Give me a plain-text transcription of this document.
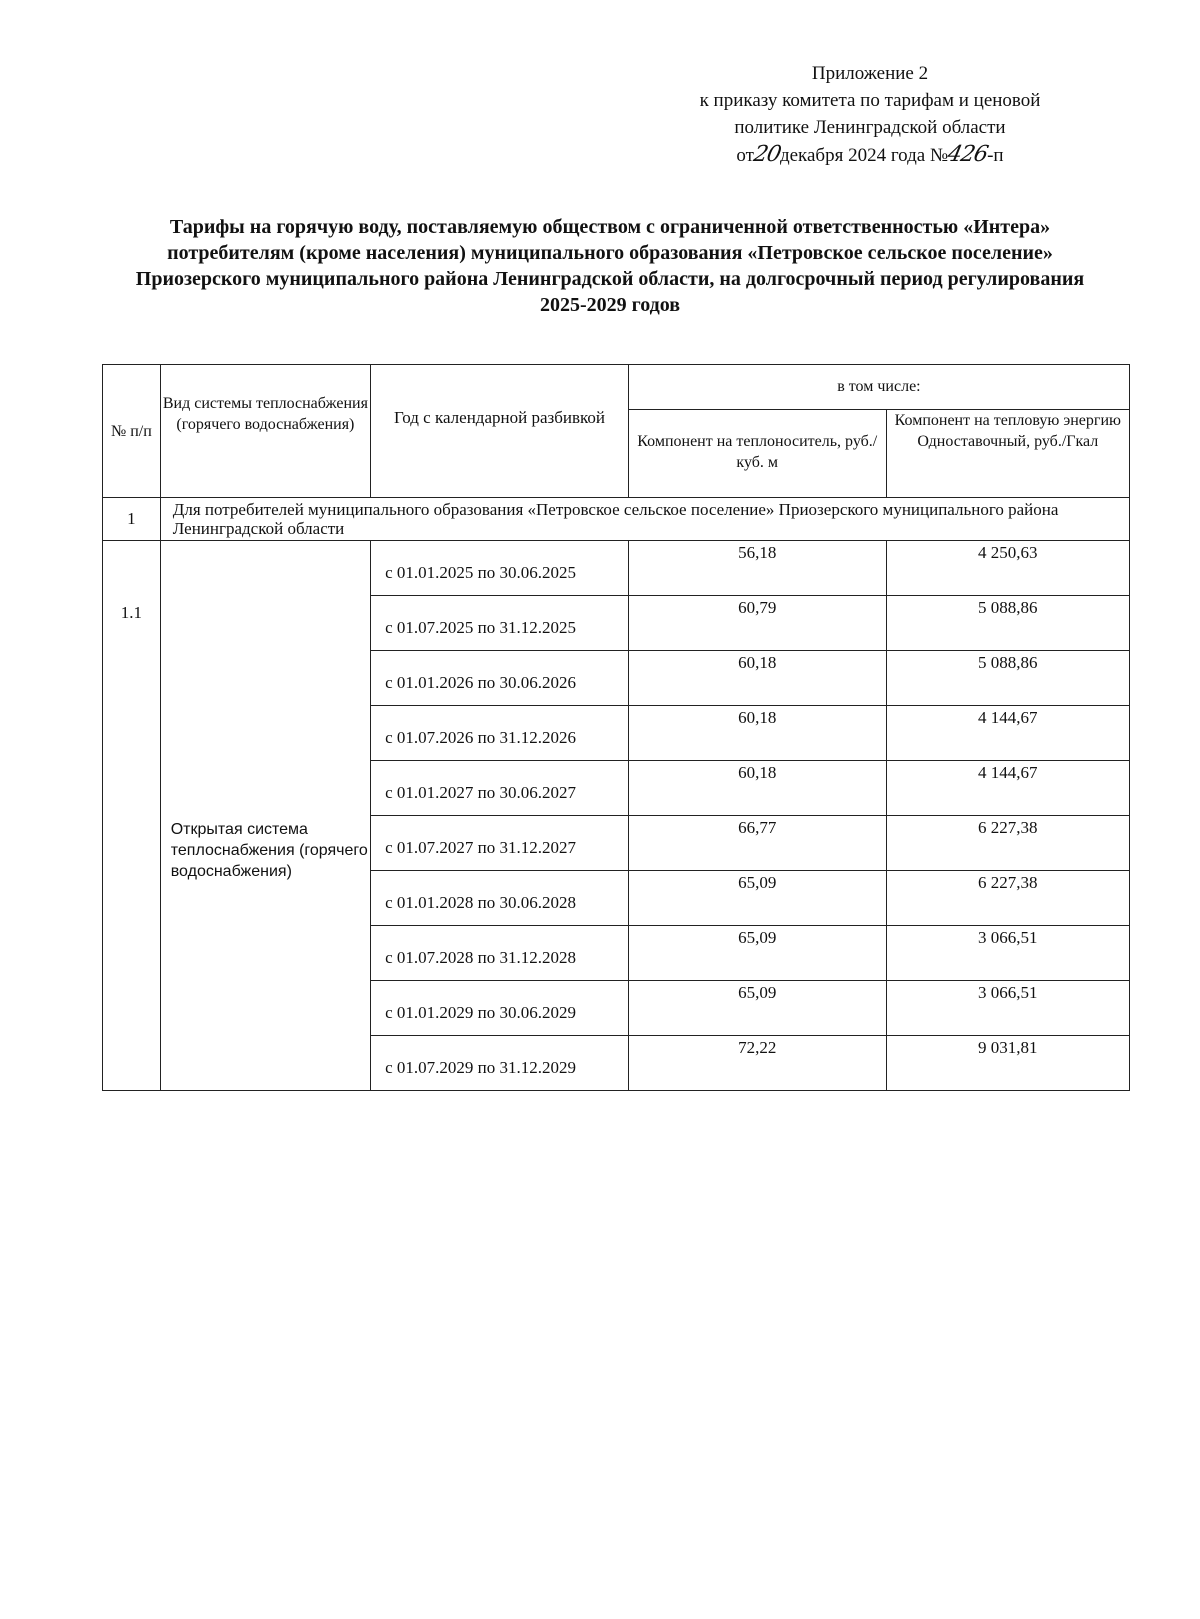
Приложение 2
к приказу комитета по тарифам и ценовой
политике Ленинградской области
от20декабря 2024 года №426-п
Тарифы на горячую воду, поставляемую обществом с ограниченной ответственностью «Интера» потребителям (кроме населения) муниципального образования «Петровское сельское поселение» Приозерского муниципального района Ленинградской области, на долгосрочный период регулирования 2025-2029 годов
№ п/п	Вид системы теплоснабжения (горячего водоснабжения)	Год с календарной разбивкой	в том числе:	
			Компонент на теплоноситель, руб./куб. м	Компонент на тепловую энергию Одноставочный, руб./Гкал
1	Для потребителей муниципального образования «Петровское сельское поселение» Приозерского муниципального района Ленинградской области			
1.1	Открытая система теплоснабжения (горячего водоснабжения)	с 01.01.2025 по 30.06.2025	56,18	4 250,63
		с 01.07.2025 по 31.12.2025	60,79	5 088,86
		с 01.01.2026 по 30.06.2026	60,18	5 088,86
		с 01.07.2026 по 31.12.2026	60,18	4 144,67
		с 01.01.2027 по 30.06.2027	60,18	4 144,67
		с 01.07.2027 по 31.12.2027	66,77	6 227,38
		с 01.01.2028 по 30.06.2028	65,09	6 227,38
		с 01.07.2028 по 31.12.2028	65,09	3 066,51
		с 01.01.2029 по 30.06.2029	65,09	3 066,51
		с 01.07.2029 по 31.12.2029	72,22	9 031,81
